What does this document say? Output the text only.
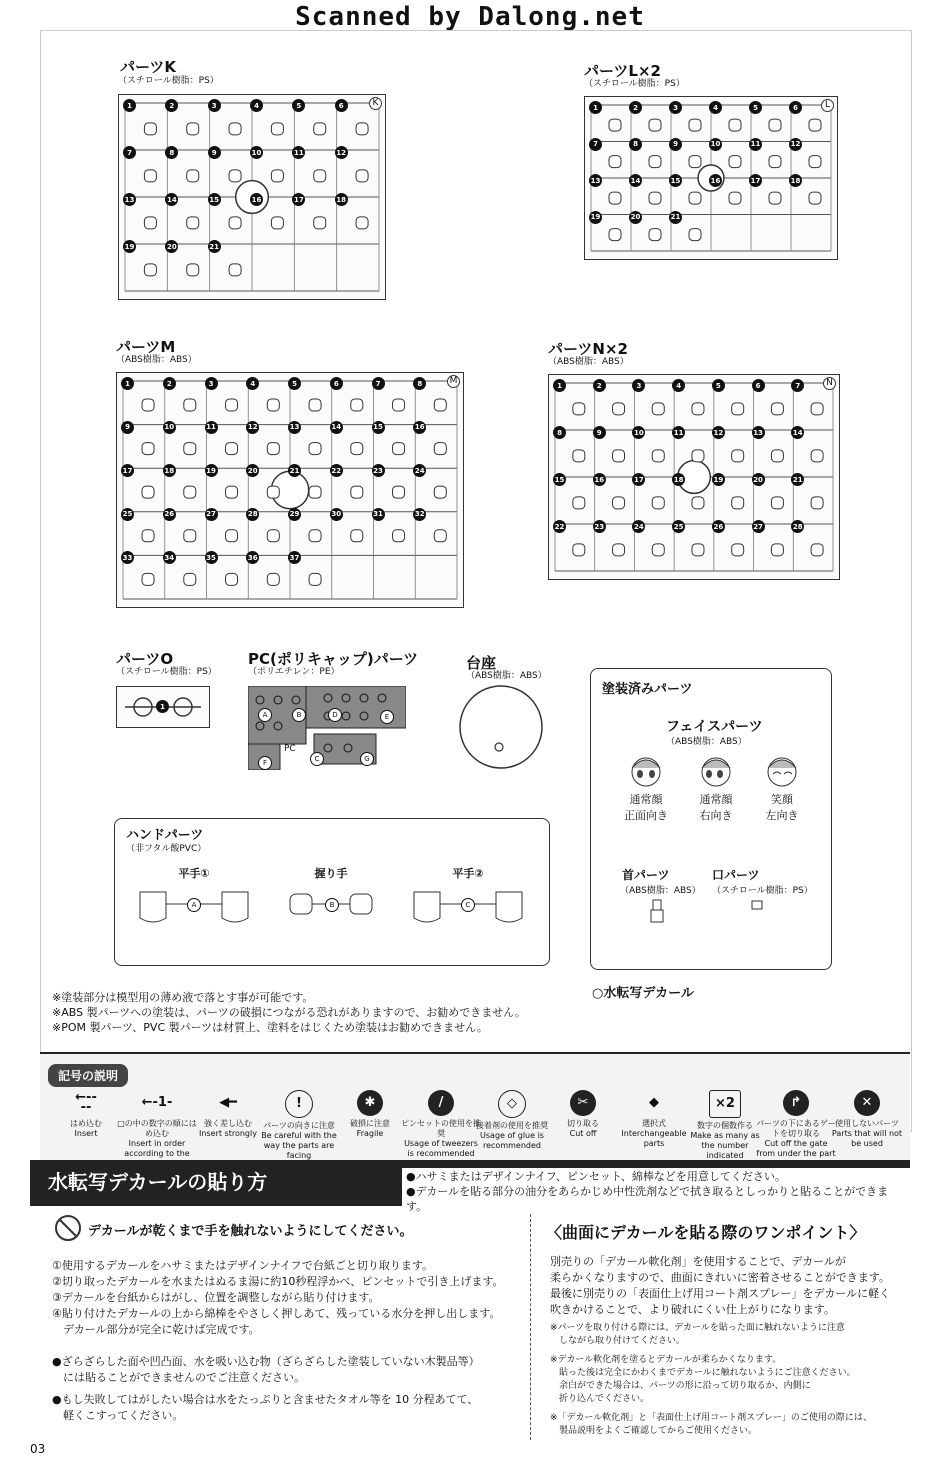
Scanned by Dalong.net
パーツK
（スチロール樹脂：PS）
1	2	3	4	5	6
7	8	9	10	11	12
13	14	15	16	17	18
19	20	21
K
パーツL×2
（スチロール樹脂：PS）
1	2	3	4	5	6
7	8	9	10	11	12
13	14	15	16	17	18
19	20	21
L
パーツM
（ABS樹脂：ABS）
1	2	3	4	5	6	7	8
9	10	11	12	13	14	15	16
17	18	19	20	21	22	23	24
25	26	27	28	29	30	31	32
33	34	35	36	37
M
パーツN×2
（ABS樹脂：ABS）
1	2	3	4	5	6	7
8	9	10	11	12	13	14
15	16	17	18	19	20	21
22	23	24	25	26	27	28
N
パーツO
（スチロール樹脂：PS）
1
PC(ポリキャップ)パーツ
（ポリエチレン：PE）
A	B
C
D	E
F	G
PC
台座
（ABS樹脂：ABS）
塗装済みパーツ
フェイスパーツ
（ABS樹脂：ABS）
通常顔
正面向き
通常顔
右向き
笑顔
左向き
首パーツ
（ABS樹脂：ABS）
口パーツ
（スチロール樹脂：PS）
ハンドパーツ
（非フタル酸PVC）
平手①
A
握り手
B
平手②
C
○水転写デカール
※塗装部分は模型用の薄め液で落とす事が可能です。
※ABS 製パーツへの塗装は、パーツの破損につながる恐れがありますので、お勧めできません。
※POM 製パーツ、PVC 製パーツは材質上、塗料をはじくため塗装はお勧めできません。
記号の説明
←----
はめ込む
Insert
←-1-
□の中の数字の順にはめ込む
Insert in order according to the
◀━
強く差し込む
Insert strongly
!
パーツの向きに注意
Be careful with the way the parts are facing
✱
破損に注意
Fragile
/
ピンセットの使用を推奨
Usage of tweezers is recommended
◇
接着剤の使用を推奨
Usage of glue is recommended
✂
切り取る
Cut off
◆
選択式
Interchangeable parts
×2
数字の個数作る
Make as many as the number indicated
↱
パーツの下にあるゲートを切り取る
Cut off the gate from under the part
✕
使用しないパーツ
Parts that will not be used
水転写デカールの貼り方	●ハサミまたはデザインナイフ、ピンセット、綿棒などを用意してください。
●デカールを貼る部分の油分をあらかじめ中性洗剤などで拭き取るとしっかりと貼ることができます。
デカールが乾くまで手を触れないようにしてください。
①使用するデカールをハサミまたはデザインナイフで台紙ごと切り取ります。
②切り取ったデカールを水またはぬるま湯に約10秒程浮かべ、ピンセットで引き上げます。
③デカールを台紙からはがし、位置を調整しながら貼り付けます。
④貼り付けたデカールの上から綿棒をやさしく押しあて、残っている水分を押し出します。
　デカール部分が完全に乾けば完成です。
●ざらざらした面や凹凸面、水を吸い込む物（ざらざらした塗装していない木製品等）
　には貼ることができませんのでご注意ください。
●もし失敗してはがしたい場合は水をたっぷりと含ませたタオル等を 10 分程あてて、
　軽くこすってください。
〈曲面にデカールを貼る際のワンポイント〉
別売りの「デカール軟化剤」を使用することで、デカールが
柔らかくなりますので、曲面にきれいに密着させることができます。
最後に別売りの「表面仕上げ用コート剤スプレー」をデカールに軽く
吹きかけることで、より破れにくい仕上がりになります。
※パーツを取り付ける際には、デカールを貼った面に触れないように注意
　しながら取り付けてください。
※デカール軟化剤を塗るとデカールが柔らかくなります。
　貼った後は完全にかわくまでデカールに触れないようにご注意ください。
　余白ができた場合は、パーツの形に沿って切り取るか、内側に
　折り込んでください。
※「デカール軟化剤」と「表面仕上げ用コート剤スプレー」のご使用の際には、
　製品説明をよくご確認してからご使用ください。
03
